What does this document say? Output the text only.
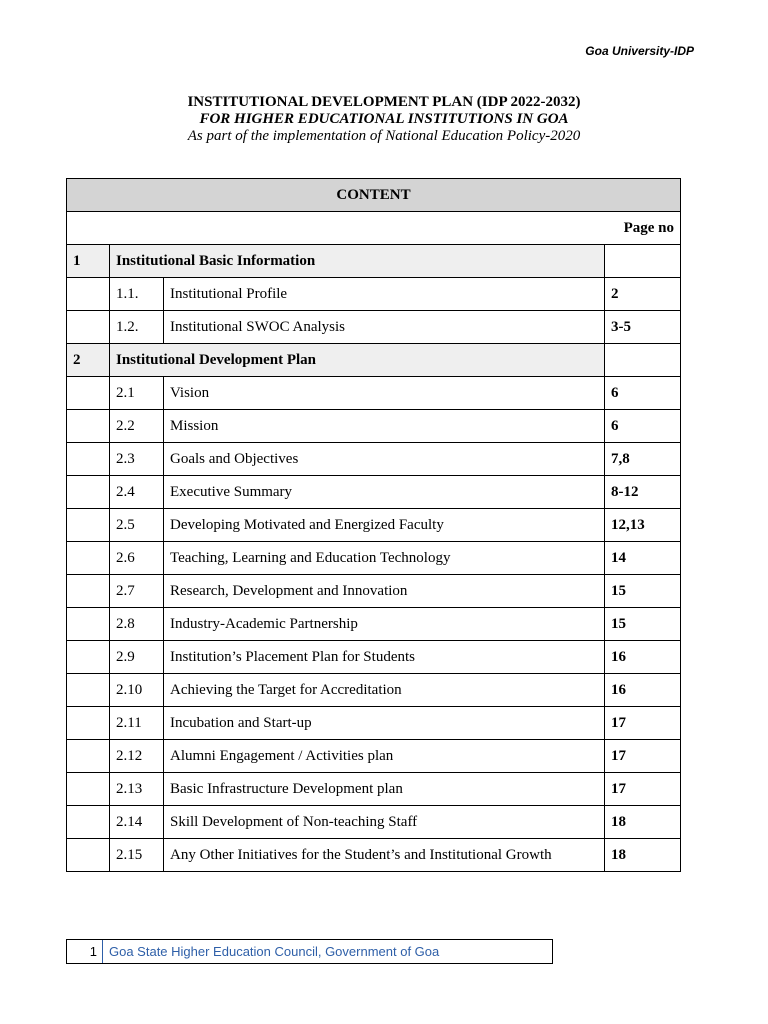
Goa University-IDP
INSTITUTIONAL DEVELOPMENT PLAN (IDP 2022-2032)
FOR HIGHER EDUCATIONAL INSTITUTIONS IN GOA
As part of the implementation of National Education Policy-2020
CONTENT			
Page no			
1	Institutional Basic Information		
	1.1.	Institutional Profile	2
	1.2.	Institutional SWOC Analysis	3-5
2	Institutional Development Plan		
	2.1	Vision	6
	2.2	Mission	6
	2.3	Goals and Objectives	7,8
	2.4	Executive Summary	8-12
	2.5	Developing Motivated and Energized Faculty	12,13
	2.6	Teaching, Learning and Education Technology	14
	2.7	Research, Development and Innovation	15
	2.8	Industry-Academic Partnership	15
	2.9	Institution’s Placement Plan for Students	16
	2.10	Achieving the Target for Accreditation	16
	2.11	Incubation and Start-up	17
	2.12	Alumni Engagement / Activities plan	17
	2.13	Basic Infrastructure Development plan	17
	2.14	Skill Development of Non-teaching Staff	18
	2.15	Any Other Initiatives for the Student’s and Institutional Growth	18
1 Goa State Higher Education Council, Government of Goa
